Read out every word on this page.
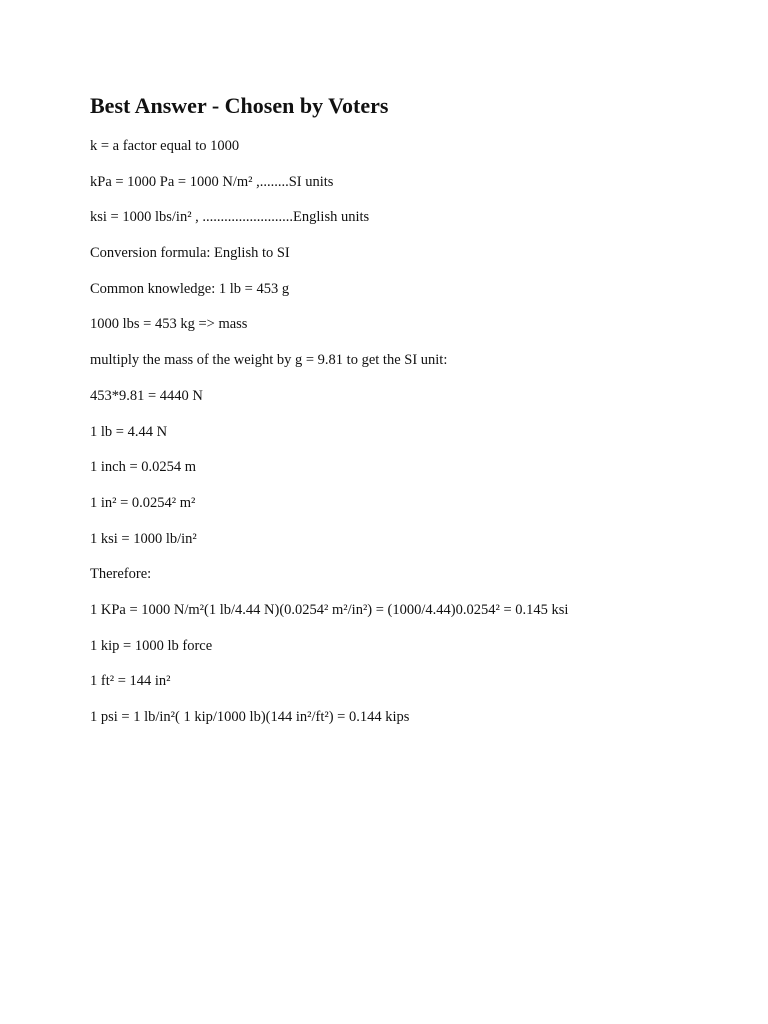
Best Answer - Chosen by Voters
k = a factor equal to 1000
kPa = 1000 Pa = 1000 N/m² ,........SI units
ksi = 1000 lbs/in² , .........................English units
Conversion formula: English to SI
Common knowledge: 1 lb = 453 g
1000 lbs = 453 kg => mass
multiply the mass of the weight by g = 9.81 to get the SI unit:
453*9.81 = 4440 N
1 lb = 4.44 N
1 inch = 0.0254 m
1 in² = 0.0254² m²
1 ksi = 1000 lb/in²
Therefore:
1 KPa = 1000 N/m²(1 lb/4.44 N)(0.0254² m²/in²) = (1000/4.44)0.0254² = 0.145 ksi
1 kip = 1000 lb force
1 ft² = 144 in²
1 psi = 1 lb/in²( 1 kip/1000 lb)(144 in²/ft²) = 0.144 kips
